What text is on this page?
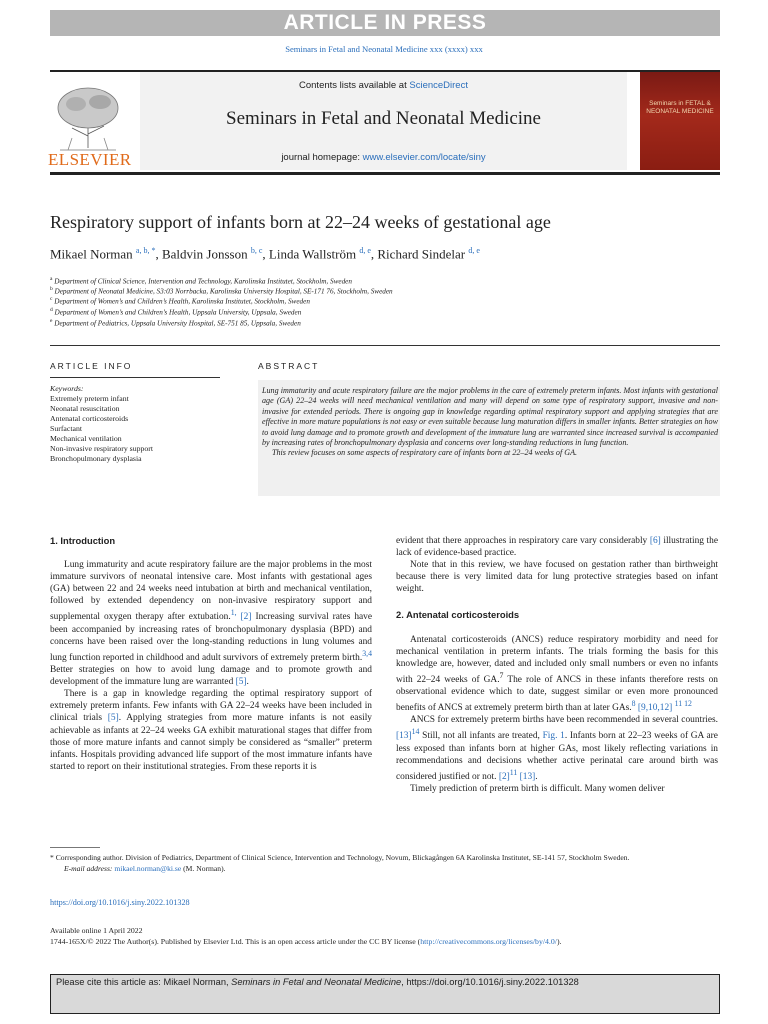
ARTICLE IN PRESS
Seminars in Fetal and Neonatal Medicine xxx (xxxx) xxx
ELSEVIER
Contents lists available at ScienceDirect
Seminars in Fetal and Neonatal Medicine
journal homepage: www.elsevier.com/locate/siny
Seminars in FETAL & NEONATAL MEDICINE
Respiratory support of infants born at 22–24 weeks of gestational age
Mikael Norman $^{a, b, *}$, Baldvin Jonsson $^{b, c}$, Linda Wallström $^{d, e}$, Richard Sindelar $^{d, e}$
$^a$ Department of Clinical Science, Intervention and Technology, Karolinska Institutet, Stockholm, Sweden
$^b$ Department of Neonatal Medicine, S3:03 Norrbacka, Karolinska University Hospital, SE-171 76, Stockholm, Sweden
$^c$ Department of Women’s and Children’s Health, Karolinska Institutet, Stockholm, Sweden
$^d$ Department of Women’s and Children’s Health, Uppsala University, Uppsala, Sweden
$^e$ Department of Pediatrics, Uppsala University Hospital, SE-751 85, Uppsala, Sweden
ARTICLE INFO
Keywords:
Extremely preterm infant
Neonatal resuscitation
Antenatal corticosteroids
Surfactant
Mechanical ventilation
Non-invasive respiratory support
Bronchopulmonary dysplasia
ABSTRACT

Lung immaturity and acute respiratory failure are the major problems in the care of extremely preterm infants. Most infants with gestational age (GA) 22–24 weeks will need mechanical ventilation and many will depend on some type of respiratory support, invasive and non-invasive for extended periods. There is ongoing gap in knowledge regarding optimal respiratory support and applying strategies that are effective in more mature populations is not easy or even suitable because lung maturation differs in smaller infants. Better strategies on how to avoid lung damage and to promote growth and development of the immature lung are warranted since increased survival is accompanied by increasing rates of bronchopulmonary dysplasia and concerns over long-standing reductions in lung function.

This review focuses on some aspects of respiratory care of infants born at 22–24 weeks of GA.

1. Introduction

Lung immaturity and acute respiratory failure are the major problems in the most immature survivors of neonatal intensive care. Most infants with gestational ages (GA) between 22 and 24 weeks need intubation at birth and mechanical ventilation, followed by extended dependency on non-invasive respiratory support and supplemental oxygen therapy after extubation.$^{1,}$ [2] Increasing survival rates have been accompanied by increasing rates of bronchopulmonary dysplasia (BPD) and concerns have been raised over the long-standing reductions in lung volumes and lung function reported in childhood and adult survivors of extremely preterm birth.$^{3,4}$ Better strategies on how to avoid lung damage and to promote growth and development of the immature lung are warranted [5].

There is a gap in knowledge regarding the optimal respiratory support of extremely preterm infants. Few infants with GA 22–24 weeks have been included in clinical trials [5]. Applying strategies from more mature infants is not easily achievable as infants at 22–24 weeks GA exhibit maturational stages that differ from those of more mature infants and cannot simply be considered as “smaller” preterm infants. Hospitals providing advanced life support of the most immature infants have started to report on their institutional strategies. From these reports it is

evident that there approaches in respiratory care vary considerably [6] illustrating the lack of evidence-based practice.

Note that in this review, we have focused on gestation rather than birthweight because there is very limited data for lung protective strategies based on infant weight.

2. Antenatal corticosteroids

Antenatal corticosteroids (ANCS) reduce respiratory morbidity and need for mechanical ventilation in preterm infants. The trials forming the basis for this knowledge are, however, dated and included only small numbers or even no infants with 22–24 weeks of GA.$^7$ The role of ANCS in these infants therefore rests on observational evidence which to date, suggest similar or even more pronounced benefits of ANCS at extremely preterm birth than at later GAs.$^8$ [9,10,12] $^{11 12}$

ANCS for extremely preterm births have been recommended in several countries. [13]$^{14}$ Still, not all infants are treated, Fig. 1. Infants born at 22–23 weeks of GA are less exposed than infants born at higher GAs, most likely reflecting variations in recommendations and decisions whether active perinatal care around birth was considered justified or not. [2]$^{11}$ [13].

Timely prediction of preterm birth is difficult. Many women deliver

* Corresponding author. Division of Pediatrics, Department of Clinical Science, Intervention and Technology, Novum, Blickagången 6A Karolinska Institutet, SE-141 57, Stockholm Sweden.
E-mail address: mikael.norman@ki.se (M. Norman).
https://doi.org/10.1016/j.siny.2022.101328
Available online 1 April 2022
1744-165X/© 2022 The Author(s). Published by Elsevier Ltd. This is an open access article under the CC BY license (http://creativecommons.org/licenses/by/4.0/).
Please cite this article as: Mikael Norman, Seminars in Fetal and Neonatal Medicine, https://doi.org/10.1016/j.siny.2022.101328
